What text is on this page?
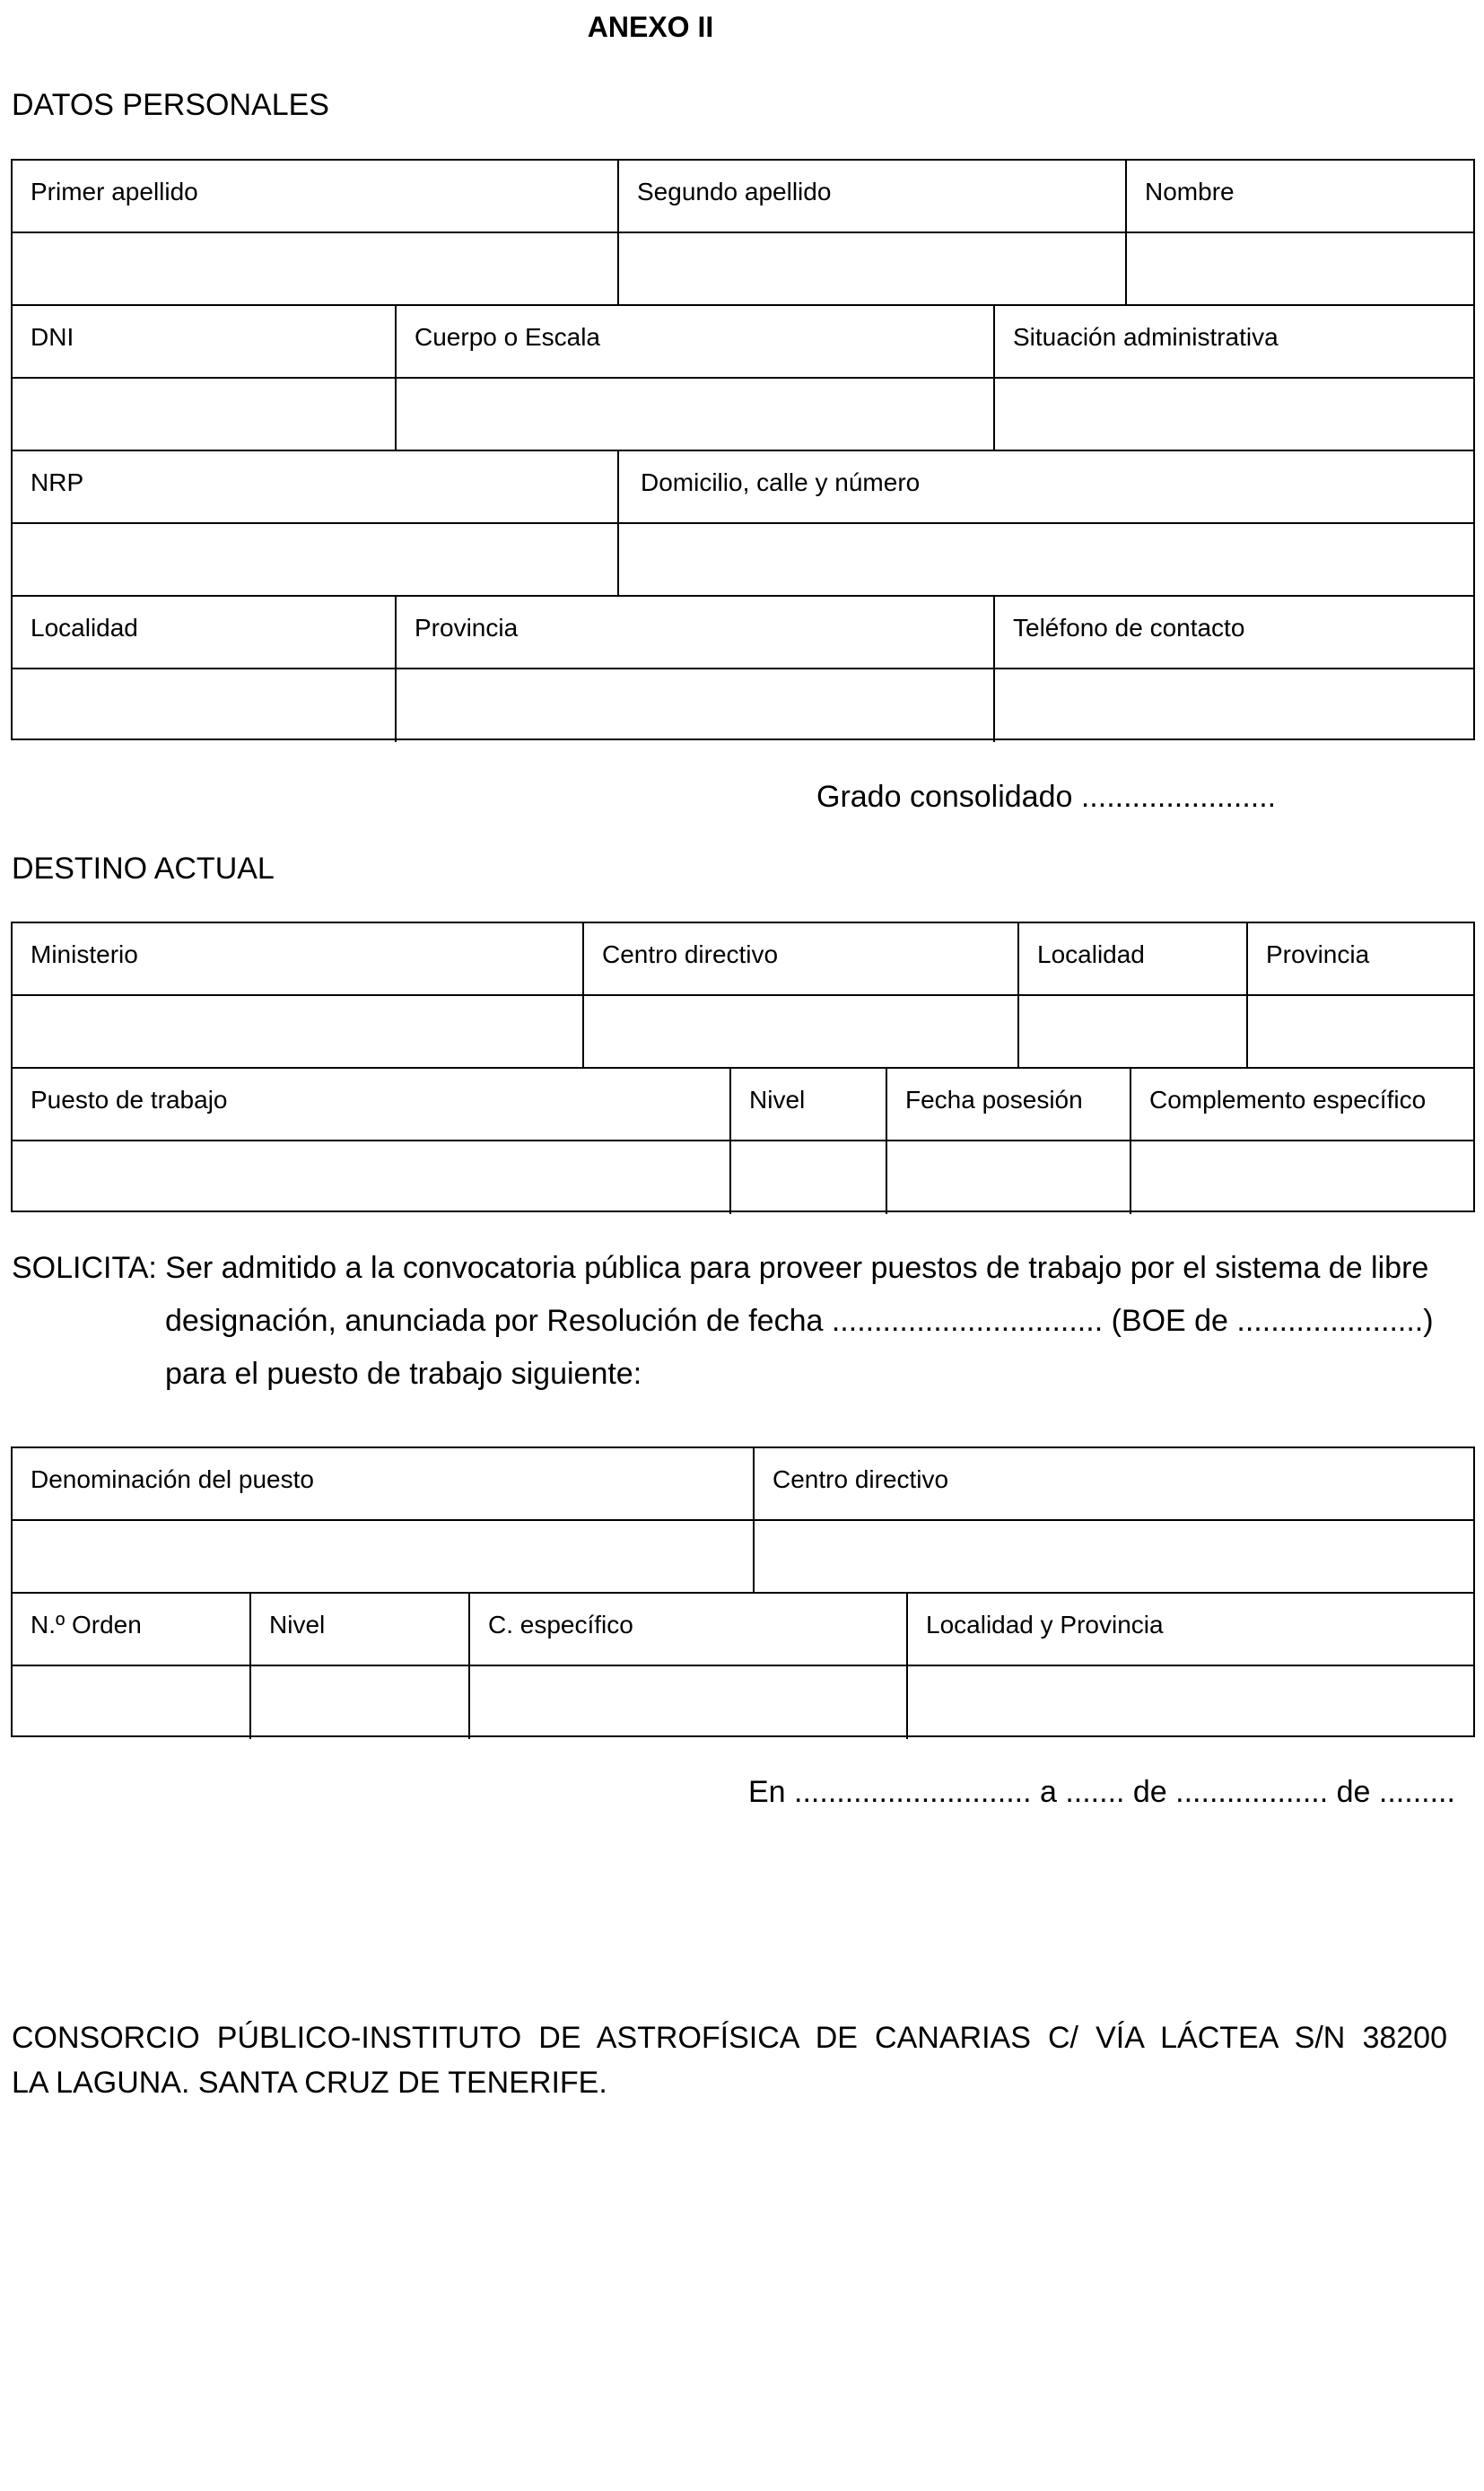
ANEXO II
DATOS PERSONALES
Primer apellido	Segundo apellido	Nombre
DNI	Cuerpo o Escala	Situación administrativa
NRP	Domicilio, calle y número
Localidad	Provincia	Teléfono de contacto
Grado consolidado .......................
DESTINO ACTUAL
Ministerio	Centro directivo	Localidad	Provincia
Puesto de trabajo	Nivel	Fecha posesión	Complemento específico
SOLICITA: Ser admitido a la convocatoria pública para proveer puestos de trabajo por el sistema de libre
designación, anunciada por Resolución de fecha ................................ (BOE de ......................)
para el puesto de trabajo siguiente:
Denominación del puesto	Centro directivo
N.º Orden	Nivel	C. específico	Localidad y Provincia
En ............................ a ....... de .................. de .........
CONSORCIO PÚBLICO-INSTITUTO DE ASTROFÍSICA DE CANARIAS C/ VÍA LÁCTEA S/N 38200
LA LAGUNA. SANTA CRUZ DE TENERIFE.
